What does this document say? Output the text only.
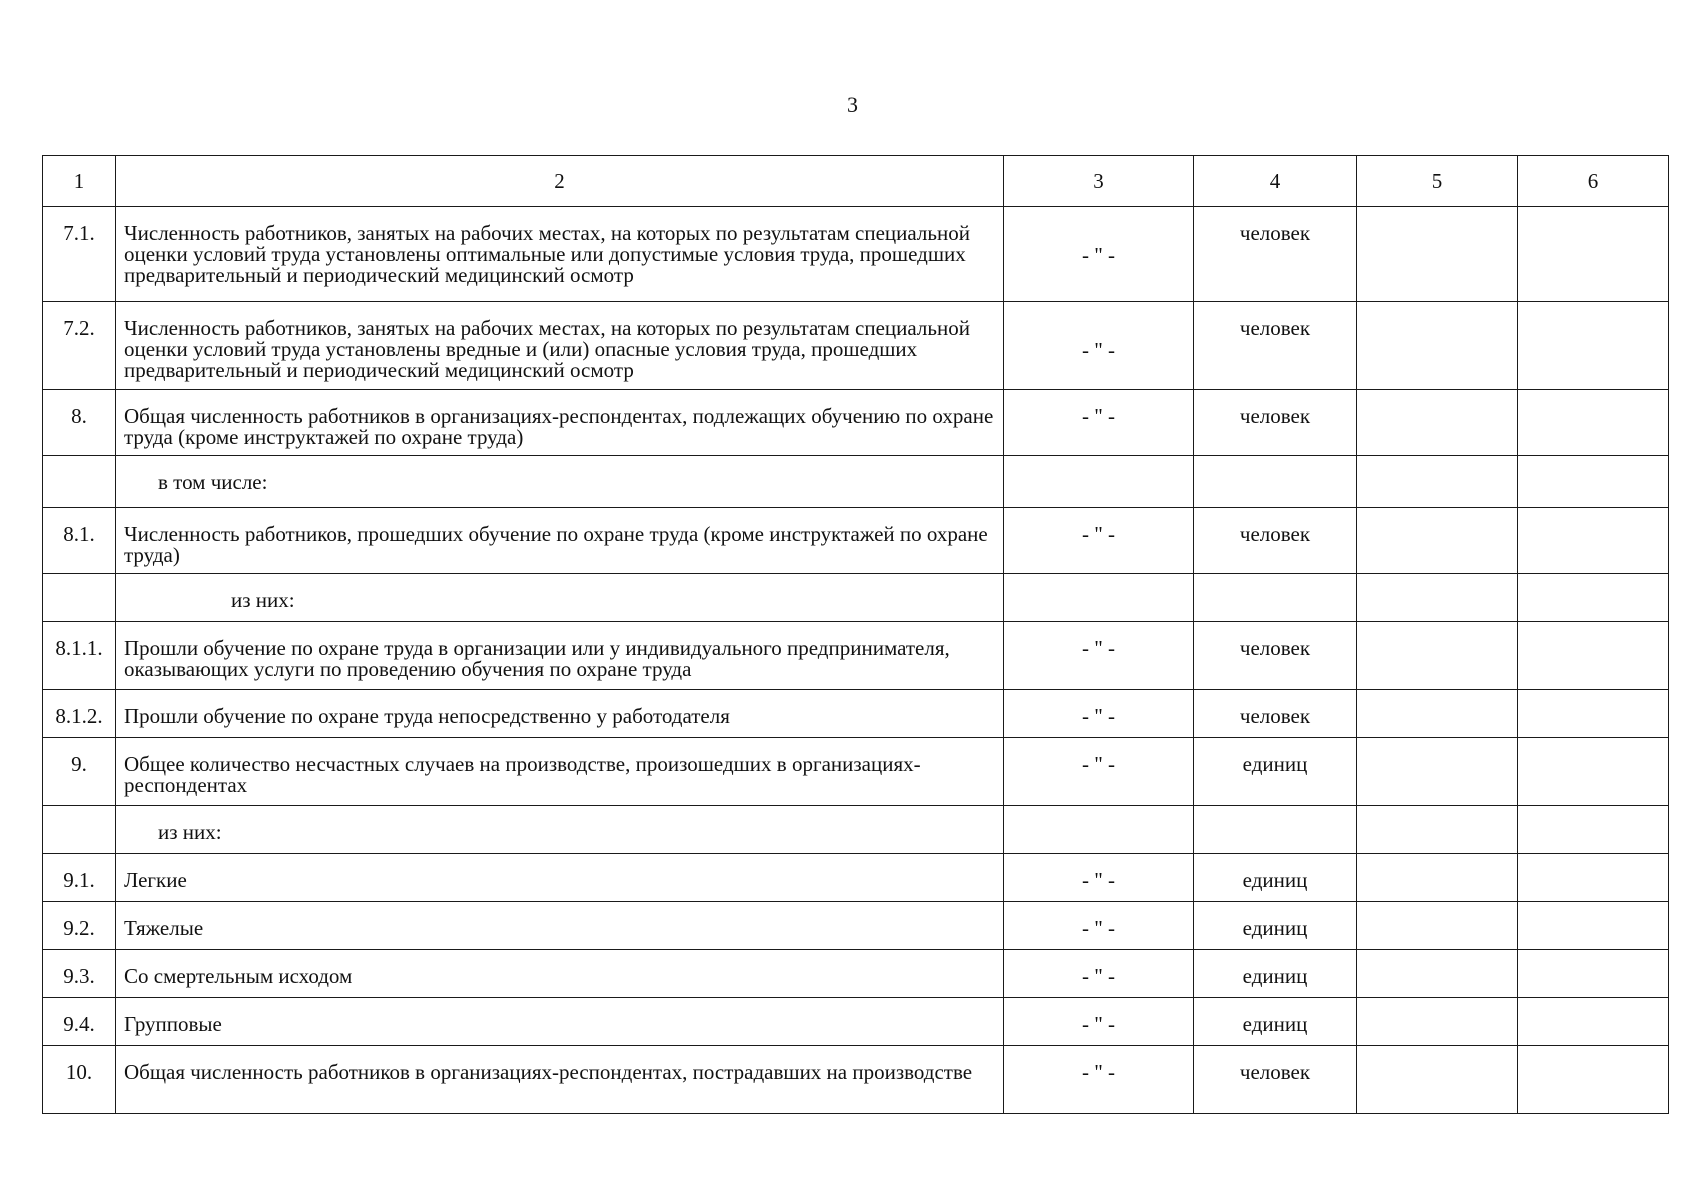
3
1	2	3	4	5	6
7.1.	Численность работников, занятых на рабочих местах, на которых по результатам специальной оценки условий труда установлены оптимальные или допустимые условия труда, прошедших предварительный и периодический медицинский осмотр	- " -	человек		
7.2.	Численность работников, занятых на рабочих местах, на которых по результатам специальной оценки условий труда установлены вредные и (или) опасные условия труда, прошедших предварительный и периодический медицинский осмотр	- " -	человек		
8.	Общая численность работников в организациях-респондентах, подлежащих обучению по охране труда (кроме инструктажей по охране труда)	- " -	человек		
	в том числе:				
8.1.	Численность работников, прошедших обучение по охране труда (кроме инструктажей по охране труда)	- " -	человек		
	из них:				
8.1.1.	Прошли обучение по охране труда в организации или у индивидуального предпринимателя, оказывающих услуги по проведению обучения по охране труда	- " -	человек		
8.1.2.	Прошли обучение по охране труда непосредственно у работодателя	- " -	человек		
9.	Общее количество несчастных случаев на производстве, произошедших в организациях-респондентах	- " -	единиц		
	из них:				
9.1.	Легкие	- " -	единиц		
9.2.	Тяжелые	- " -	единиц		
9.3.	Со смертельным исходом	- " -	единиц		
9.4.	Групповые	- " -	единиц		
10.	Общая численность работников в организациях-респондентах, пострадавших на производстве	- " -	человек		
